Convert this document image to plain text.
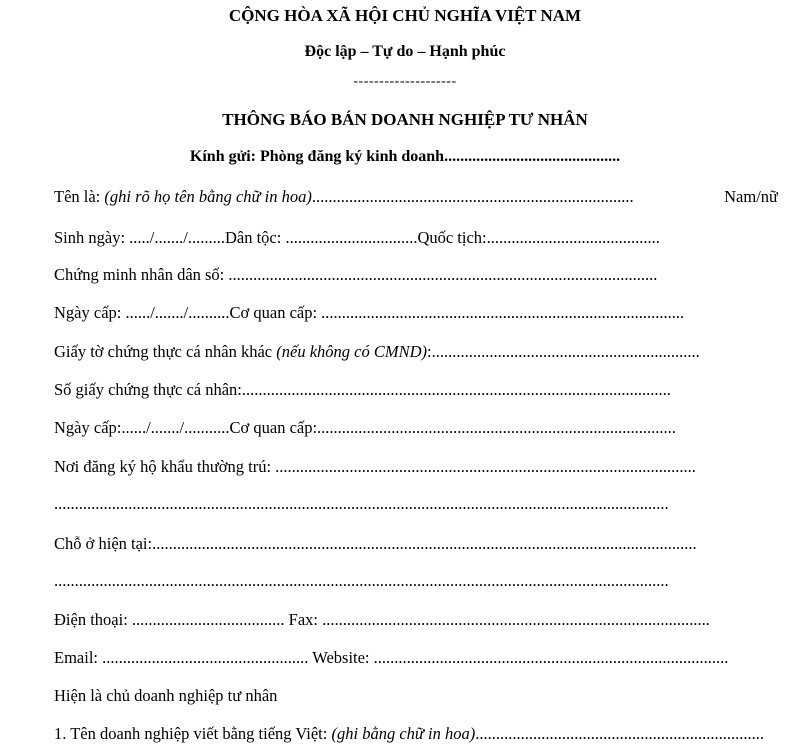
CỘNG HÒA XÃ HỘI CHỦ NGHĨA VIỆT NAM
Độc lập – Tự do – Hạnh phúc
--------------------
THÔNG BÁO BÁN DOANH NGHIỆP TƯ NHÂN
Kính gửi: Phòng đăng ký kinh doanh............................................
Tên là: (ghi rõ họ tên bằng chữ in hoa)..............................................................................	Nam/nữ
Sinh ngày: ...../......./.........Dân tộc: ................................Quốc tịch:..........................................
Chứng minh nhân dân số: ........................................................................................................
Ngày cấp: ....../......./..........Cơ quan cấp: ........................................................................................
Giấy tờ chứng thực cá nhân khác (nếu không có CMND):.................................................................
Số giấy chứng thực cá nhân:........................................................................................................
Ngày cấp:....../......./...........Cơ quan cấp:.......................................................................................
Nơi đăng ký hộ khẩu thường trú: ......................................................................................................
.....................................................................................................................................................
Chỗ ở hiện tại:....................................................................................................................................
.....................................................................................................................................................
Điện thoại: ..................................... Fax: ..............................................................................................
Email: .................................................. Website: ......................................................................................
Hiện là chủ doanh nghiệp tư nhân
1. Tên doanh nghiệp viết bằng tiếng Việt: (ghi bằng chữ in hoa)......................................................................
